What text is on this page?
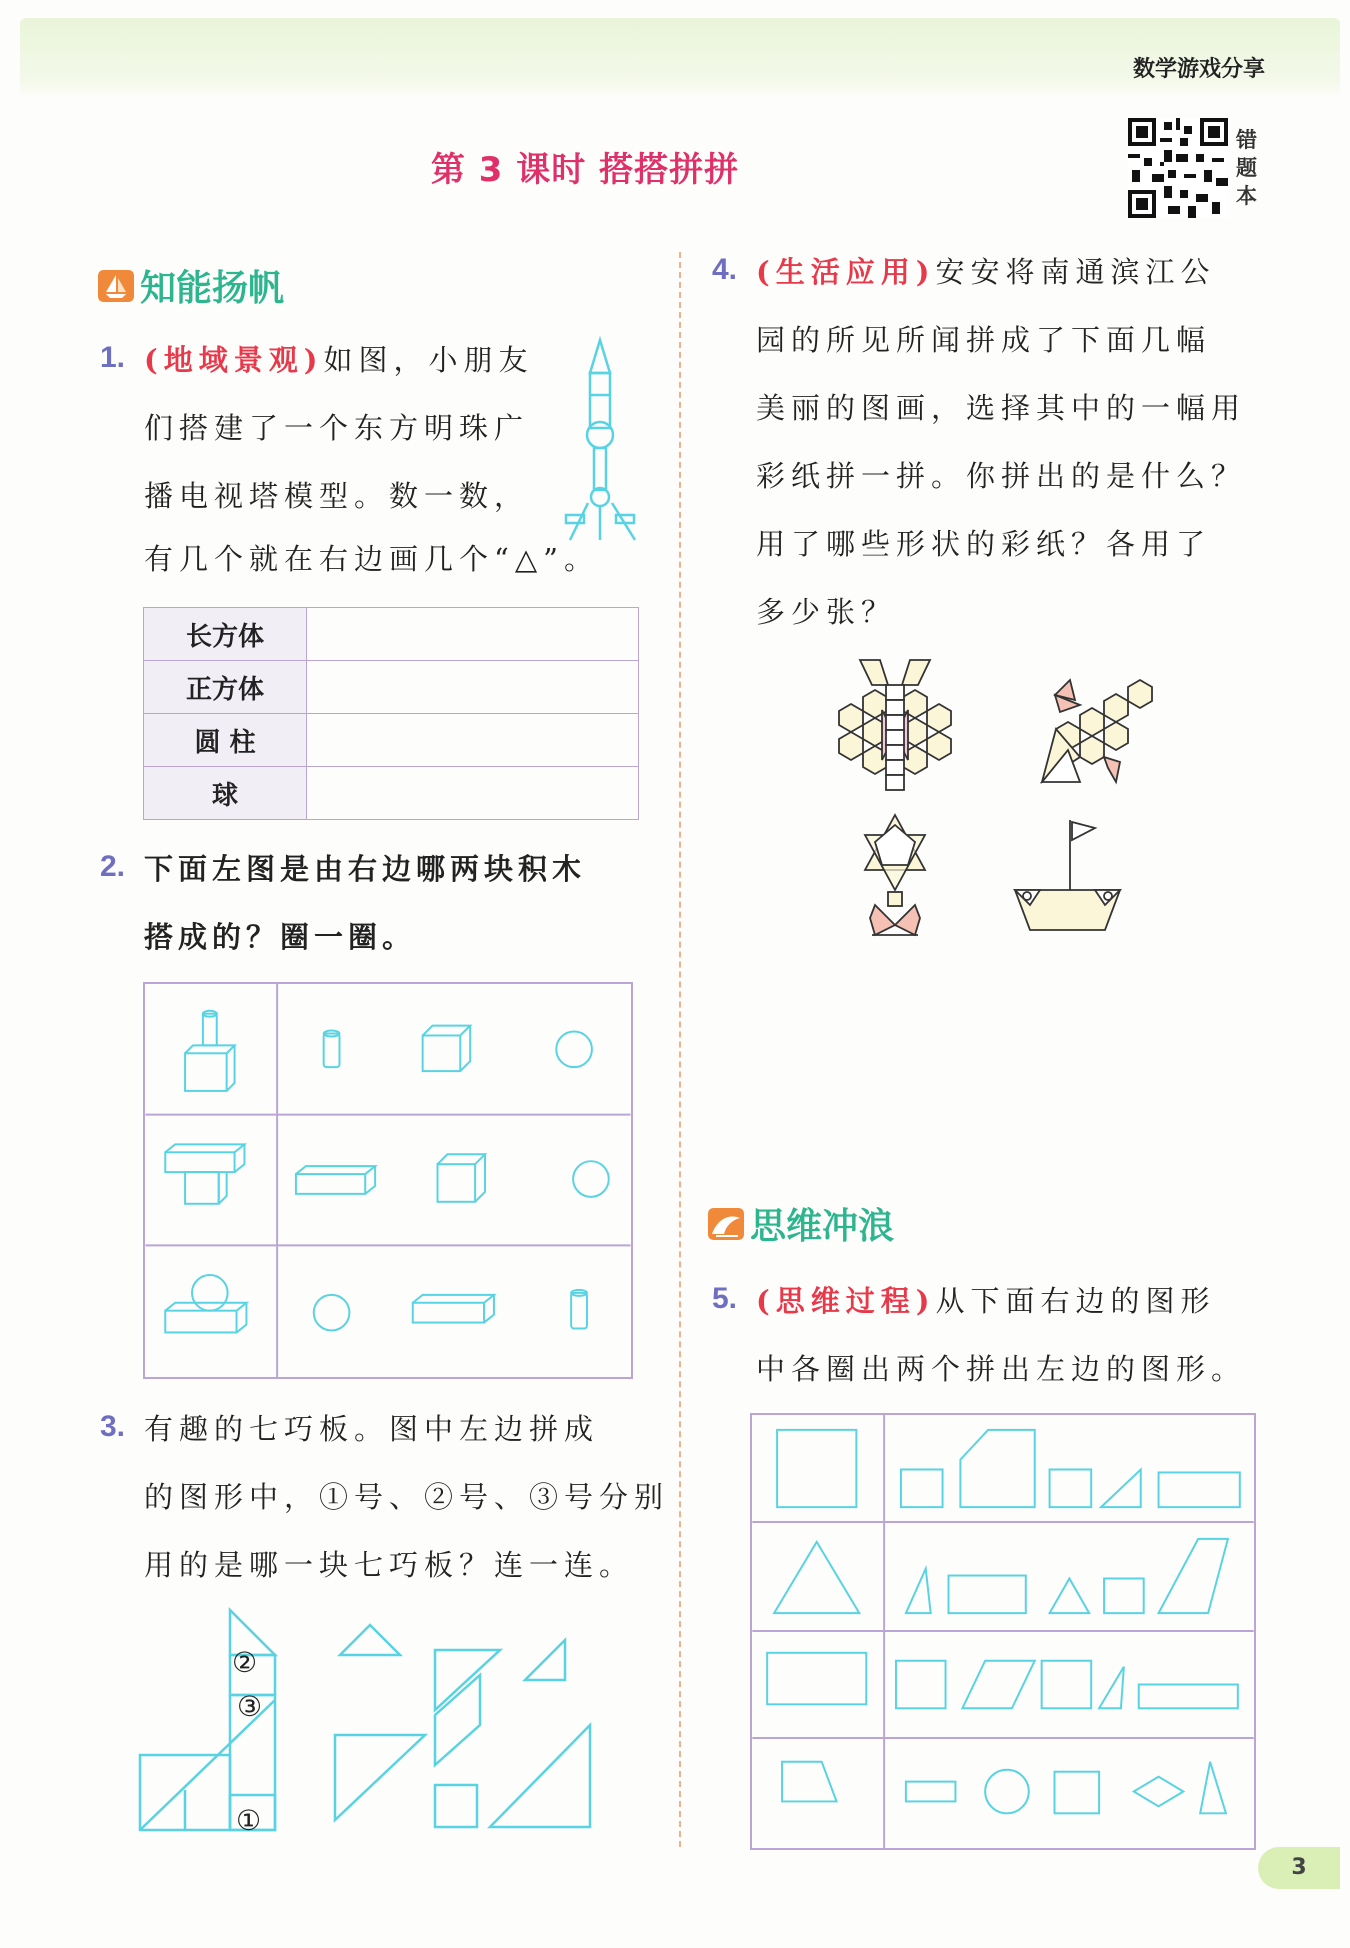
数学游戏分享
第 3 课时 搭搭拼拼
错题本
知能扬帆
1. (地域景观)如图，小朋友
们搭建了一个东方明珠广
播电视塔模型。数一数，
有几个就在右边画几个“△”。
长方体	
正方体	
圆 柱	
球	
2. 下面左图是由右边哪两块积木
搭成的？圈一圈。
3. 有趣的七巧板。图中左边拼成
的图形中，①号、②号、③号分别
用的是哪一块七巧板？连一连。
②
③
①
4. (生活应用)安安将南通滨江公
园的所见所闻拼成了下面几幅
美丽的图画，选择其中的一幅用
彩纸拼一拼。你拼出的是什么？
用了哪些形状的彩纸？各用了
多少张？
思维冲浪
5. (思维过程)从下面右边的图形
中各圈出两个拼出左边的图形。
3
